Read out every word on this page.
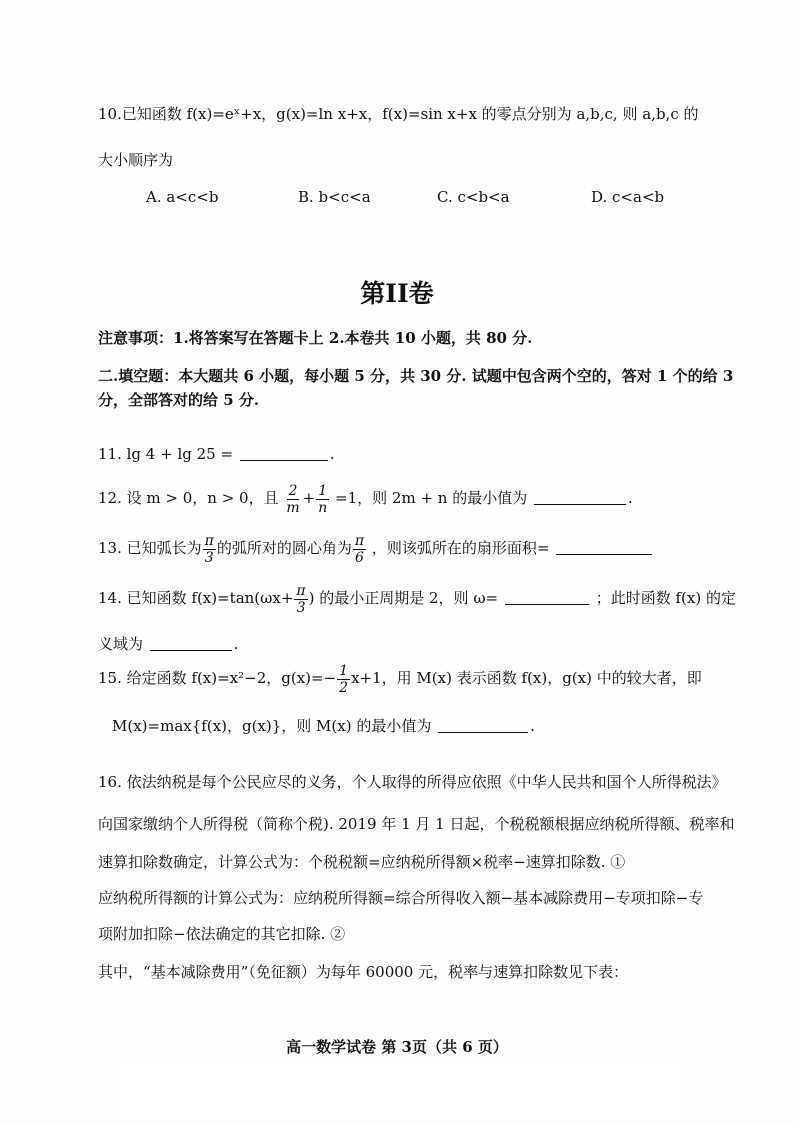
10.已知函数 f(x)=eˣ+x，g(x)=ln x+x，f(x)=sin x+x 的零点分别为 a,b,c, 则 a,b,c 的
大小顺序为
A. a<c<b	B. b<c<a	C. c<b<a	D. c<a<b
第II卷
注意事项：1.将答案写在答题卡上 2.本卷共 10 小题，共 80 分.
二.填空题：本大题共 6 小题，每小题 5 分，共 30 分. 试题中包含两个空的，答对 1 个的给 3
分，全部答对的给 5 分.
11. lg 4 + lg 25 =	.
12. 设 m > 0，n > 0，且 $\frac{2}{m} + \frac{1}{n} =1$，则 2m + n 的最小值为	.
13. 已知弧长为 $\frac{\pi}{3}$ 的弧所对的圆心角为 $\frac{\pi}{6}$ ，则该弧所在的扇形面积=
14. 已知函数 $f(x)=\tan(\omega x+ \frac{\pi}{3}$ ) 的最小正周期是 2，则 ω=	；此时函数 f(x) 的定
义域为	.
15. 给定函数 f(x)=x²−2，$g(x)=- \frac{1}{2} x+1$，用 M(x) 表示函数 f(x)，g(x) 中的较大者，即
M(x)=max{f(x)，g(x)}，则 M(x) 的最小值为	.
16. 依法纳税是每个公民应尽的义务，个人取得的所得应依照《中华人民共和国个人所得税法》
向国家缴纳个人所得税（简称个税). 2019 年 1 月 1 日起，个税税额根据应纳税所得额、税率和
速算扣除数确定，计算公式为：个税税额=应纳税所得额×税率−速算扣除数. ①
应纳税所得额的计算公式为：应纳税所得额=综合所得收入额−基本减除费用−专项扣除−专
项附加扣除−依法确定的其它扣除. ②
其中，“基本减除费用”（免征额）为每年 60000 元，税率与速算扣除数见下表：
高一数学试卷 第 3页（共 6 页）
